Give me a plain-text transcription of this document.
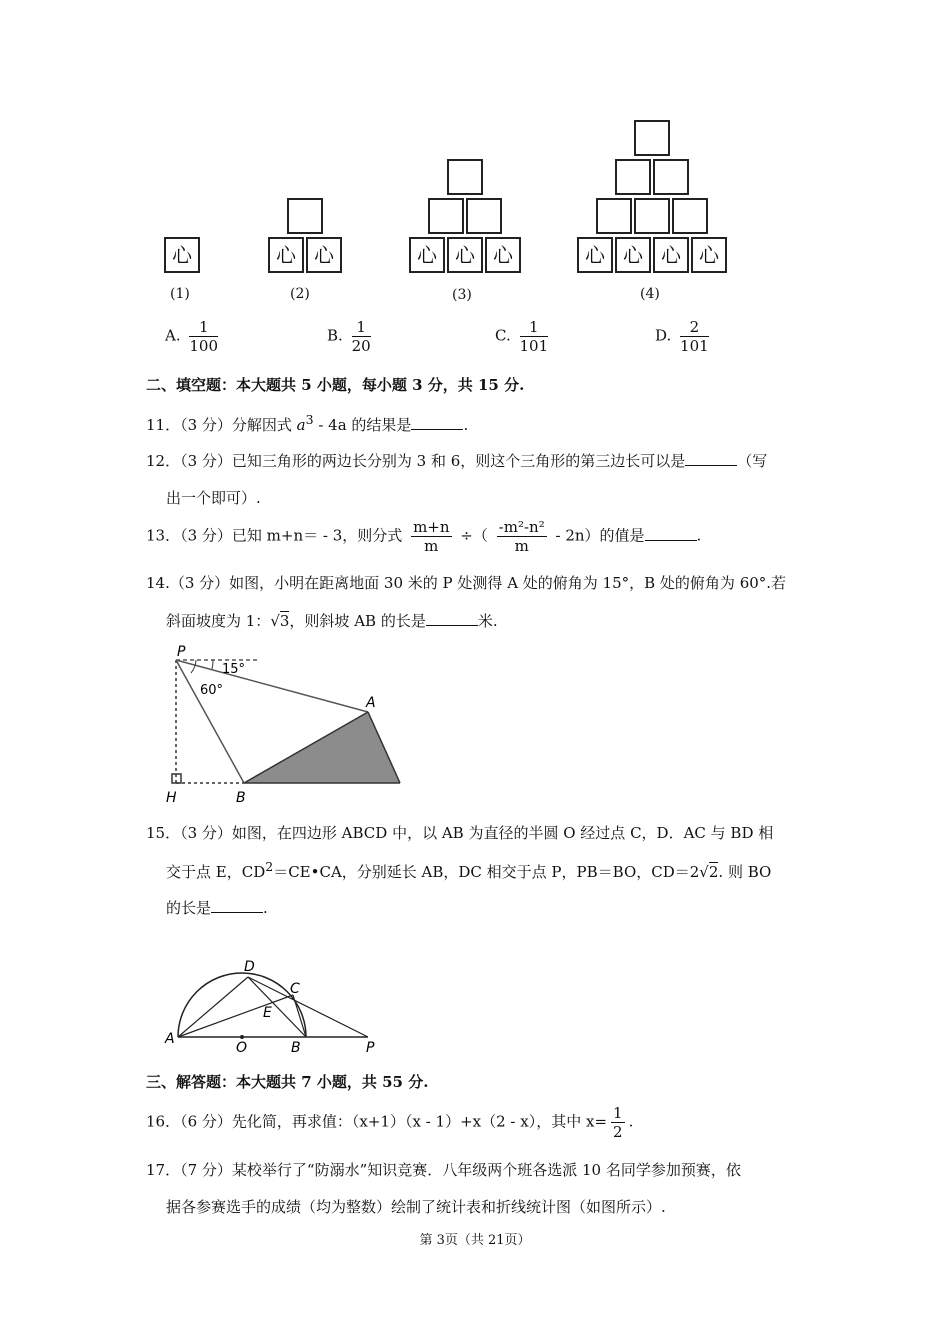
心	心 心	心 心 心	心 心 心 心
(1)	(2)	(3)	(4)
A. $\frac{1}{100}$	B. $\frac{1}{20}$	C. $\frac{1}{101}$	D. $\frac{2}{101}$
二、填空题：本大题共 5 小题，每小题 3 分，共 15 分.
11．（3 分）分解因式 $a^3 - 4a$ 的结果是	.
12．（3 分）已知三角形的两边长分别为 3 和 6，则这个三角形的第三边长可以是	（写
出一个即可）.
13．（3 分）已知 m+n＝ - 3，则分式 $\frac{m+n}{m}$ ÷（ $\frac{\text{-m²-n²}}{m} - 2n$）的值是	.
14.（3 分）如图，小明在距离地面 30 米的 P 处测得 A 处的俯角为 15°，B 处的俯角为 60°.若
斜面坡度为 1：√3，则斜坡 AB 的长是	米.
P
A
B
H
15°
60°
15．（3 分）如图，在四边形 ABCD 中，以 AB 为直径的半圆 O 经过点 C，D．AC 与 BD 相
交于点 E，$CD^2=CE•CA$，分别延长 AB，DC 相交于点 P，PB＝BO，CD＝2√2. 则 BO
的长是	.
D
C
E
A
O	B	P
三、解答题：本大题共 7 小题，共 55 分.
16．（6 分）先化简，再求值：（x+1）（x - 1）+x（2 - x），其中 $x= \frac{1}{2}$ .
17．（7 分）某校举行了“防溺水”知识竞赛．八年级两个班各选派 10 名同学参加预赛，依
据各参赛选手的成绩（均为整数）绘制了统计表和折线统计图（如图所示）.
第 3页（共 21页）
